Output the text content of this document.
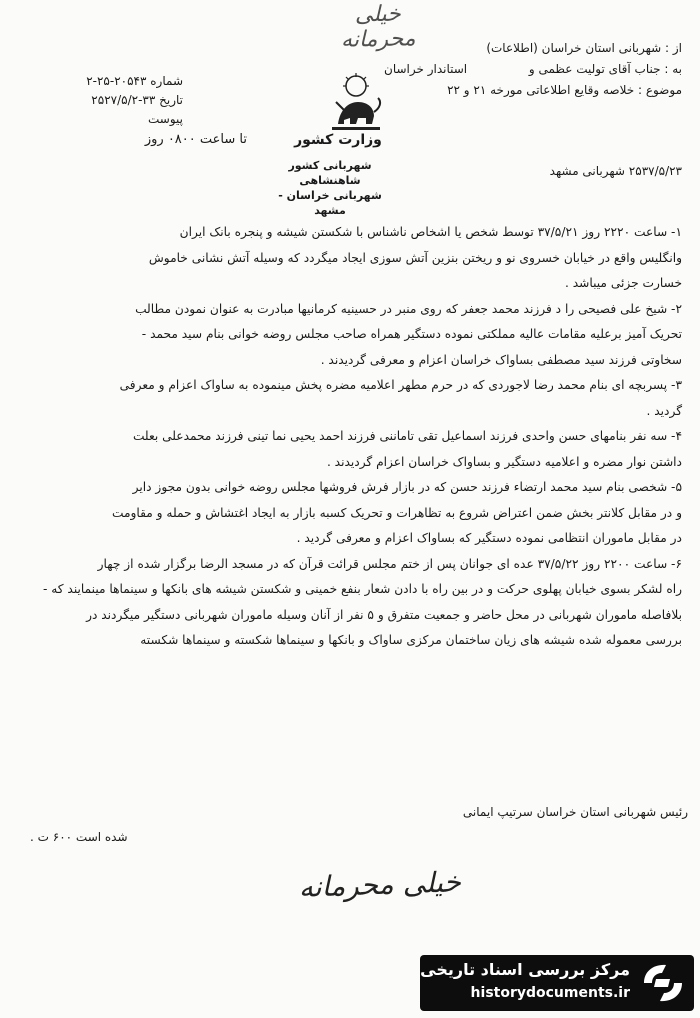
خیلی محرمانه
شماره ۲۰۵۴۳-۲۵-۲
تاریخ ۳۳-۲۵۲۷/۵/۲
پیوست
از : شهربانی استان خراسان (اطلاعات)
به : جناب آقای تولیت عظمی و
استاندار خراسان
موضوع : خلاصه وقایع اطلاعاتی مورخه ۲۱ و ۲۲
وزارت کشور
تا ساعت ۰۸۰۰ روز
شهربانی کشور شاهنشاهی
شهربانی خراسان - مشهد
۲۵۳۷/۵/۲۳ شهربانی مشهد

۱- ساعت ۲۲۲۰ روز ۳۷/۵/۲۱ توسط شخص یا اشخاص ناشناس با شکستن شیشه و پنجره بانک ایران

وانگلیس واقع در خیابان خسروی نو و ریختن بنزین آتش سوزی ایجاد میگردد که وسیله آتش نشانی خاموش

خسارت جزئی میباشد .

۲- شیخ علی فصیحی را د فرزند محمد جعفر که روی منبر در حسینیه کرمانیها مبادرت به عنوان نمودن مطالب

تحریک آمیز برعلیه مقامات عالیه مملکتی نموده دستگیر همراه صاحب مجلس روضه خوانی بنام سید محمد -

سخاوتی فرزند سید مصطفی بساواک خراسان اعزام و معرفی گردیدند .

۳- پسربچه ای بنام محمد رضا لاجوردی که در حرم مطهر اعلامیه مضره پخش مینموده به ساواک اعزام و معرفی

گردید .

۴- سه نفر بنامهای حسن واحدی فرزند اسماعیل تقی تاماننی فرزند احمد یحیی نما تینی فرزند محمدعلی بعلت

داشتن نوار مضره و اعلامیه دستگیر و بساواک خراسان اعزام گردیدند .

۵- شخصی بنام سید محمد ارتضاء فرزند حسن که در بازار فرش فروشها مجلس روضه خوانی بدون مجوز دایر

و در مقابل کلانتر بخش ضمن اعتراض شروع به تظاهرات و تحریک کسبه بازار به ایجاد اغتشاش و حمله و مقاومت

در مقابل ماموران انتظامی نموده دستگیر که بساواک اعزام و معرفی گردید .

۶- ساعت ۲۲۰۰ روز ۳۷/۵/۲۲ عده ای جوانان پس از ختم مجلس قرائت قرآن که در مسجد الرضا برگزار شده از چهار

راه لشکر بسوی خیابان پهلوی حرکت و در بین راه با دادن شعار بنفع خمینی و شکستن شیشه های بانکها و سینماها مینمایند که -

بلافاصله ماموران شهربانی در محل حاضر و جمعیت متفرق و ۵ نفر از آنان وسیله ماموران شهربانی دستگیر میگردند در

بررسی معموله شده شیشه های زیان ساختمان مرکزی ساواک و بانکها و سینماها شکسته و سینماها شکسته

رئیس شهربانی استان خراسان سرتیپ ایمانی
شده است ۶۰۰ ت .
خیلی محرمانه
مرکز بررسی اسناد تاریخی
historydocuments.ir
